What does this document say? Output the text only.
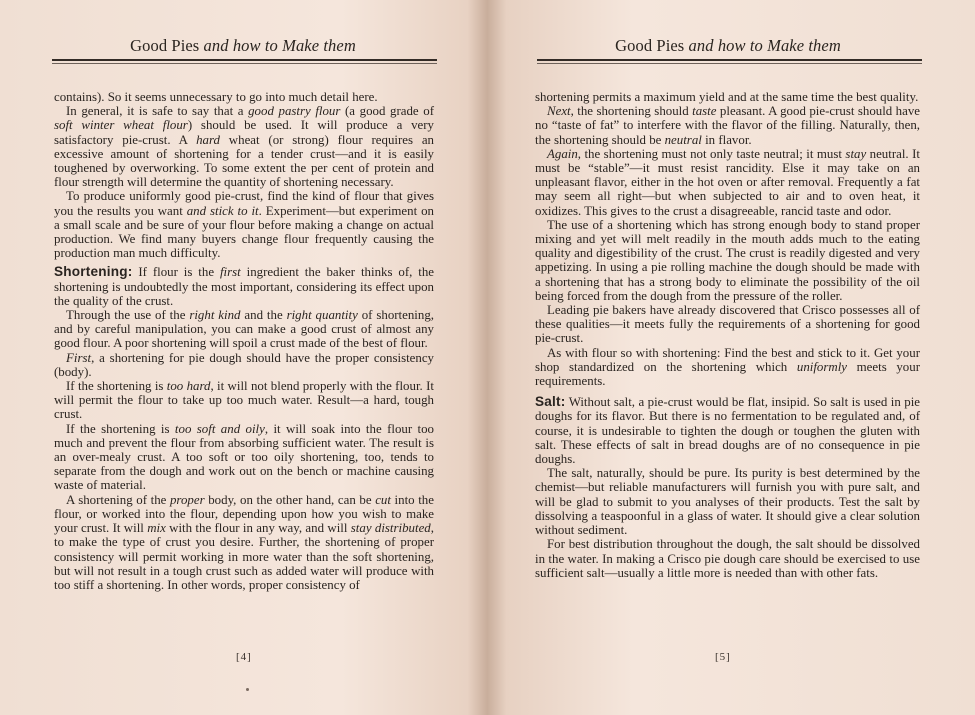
Good Pies and how to Make them

contains). So it seems unnecessary to go into much detail here.

In general, it is safe to say that a good pastry flour (a good grade of soft winter wheat flour) should be used. It will produce a very satisfactory pie-crust. A hard wheat (or strong) flour requires an excessive amount of shortening for a tender crust—and it is easily toughened by overworking. To some extent the per cent of protein and flour strength will determine the quantity of shortening necessary.

To produce uniformly good pie-crust, find the kind of flour that gives you the results you want and stick to it. Experiment—but experiment on a small scale and be sure of your flour before making a change on actual production. We find many buyers change flour frequently causing the production man much difficulty.

Shortening: If flour is the first ingredient the baker thinks of, the shortening is undoubtedly the most important, considering its effect upon the quality of the crust.

Through the use of the right kind and the right quantity of shortening, and by careful manipulation, you can make a good crust of almost any good flour. A poor shortening will spoil a crust made of the best of flour.

First, a shortening for pie dough should have the proper consistency (body).

If the shortening is too hard, it will not blend properly with the flour. It will permit the flour to take up too much water. Result—a hard, tough crust.

If the shortening is too soft and oily, it will soak into the flour too much and prevent the flour from absorbing sufficient water. The result is an over-mealy crust. A too soft or too oily shortening, too, tends to separate from the dough and work out on the bench or machine causing waste of material.

A shortening of the proper body, on the other hand, can be cut into the flour, or worked into the flour, depending upon how you wish to make your crust. It will mix with the flour in any way, and will stay distributed, to make the type of crust you desire. Further, the shortening of proper consistency will permit working in more water than the soft shortening, but will not result in a tough crust such as added water will produce with too stiff a shortening. In other words, proper consistency of

[4]
Good Pies and how to Make them

shortening permits a maximum yield and at the same time the best quality.

Next, the shortening should taste pleasant. A good pie-crust should have no “taste of fat” to interfere with the flavor of the filling. Naturally, then, the shortening should be neutral in flavor.

Again, the shortening must not only taste neutral; it must stay neutral. It must be “stable”—it must resist rancidity. Else it may take on an unpleasant flavor, either in the hot oven or after removal. Frequently a fat may seem all right—but when subjected to air and to oven heat, it oxidizes. This gives to the crust a disagreeable, rancid taste and odor.

The use of a shortening which has strong enough body to stand proper mixing and yet will melt readily in the mouth adds much to the eating quality and digestibility of the crust. The crust is readily digested and very appetizing. In using a pie rolling machine the dough should be made with a shortening that has a strong body to eliminate the possibility of the oil being forced from the dough from the pressure of the roller.

Leading pie bakers have already discovered that Crisco possesses all of these qualities—it meets fully the requirements of a shortening for good pie-crust.

As with flour so with shortening: Find the best and stick to it. Get your shop standardized on the shortening which uniformly meets your requirements.

Salt: Without salt, a pie-crust would be flat, insipid. So salt is used in pie doughs for its flavor. But there is no fermentation to be regulated and, of course, it is undesirable to tighten the dough or toughen the gluten with salt. These effects of salt in bread doughs are of no consequence in pie doughs.

The salt, naturally, should be pure. Its purity is best determined by the chemist—but reliable manufacturers will furnish you with pure salt, and will be glad to submit to you analyses of their products. Test the salt by dissolving a teaspoonful in a glass of water. It should give a clear solution without sediment.

For best distribution throughout the dough, the salt should be dissolved in the water. In making a Crisco pie dough care should be exercised to use sufficient salt—usually a little more is needed than with other fats.

[5]
